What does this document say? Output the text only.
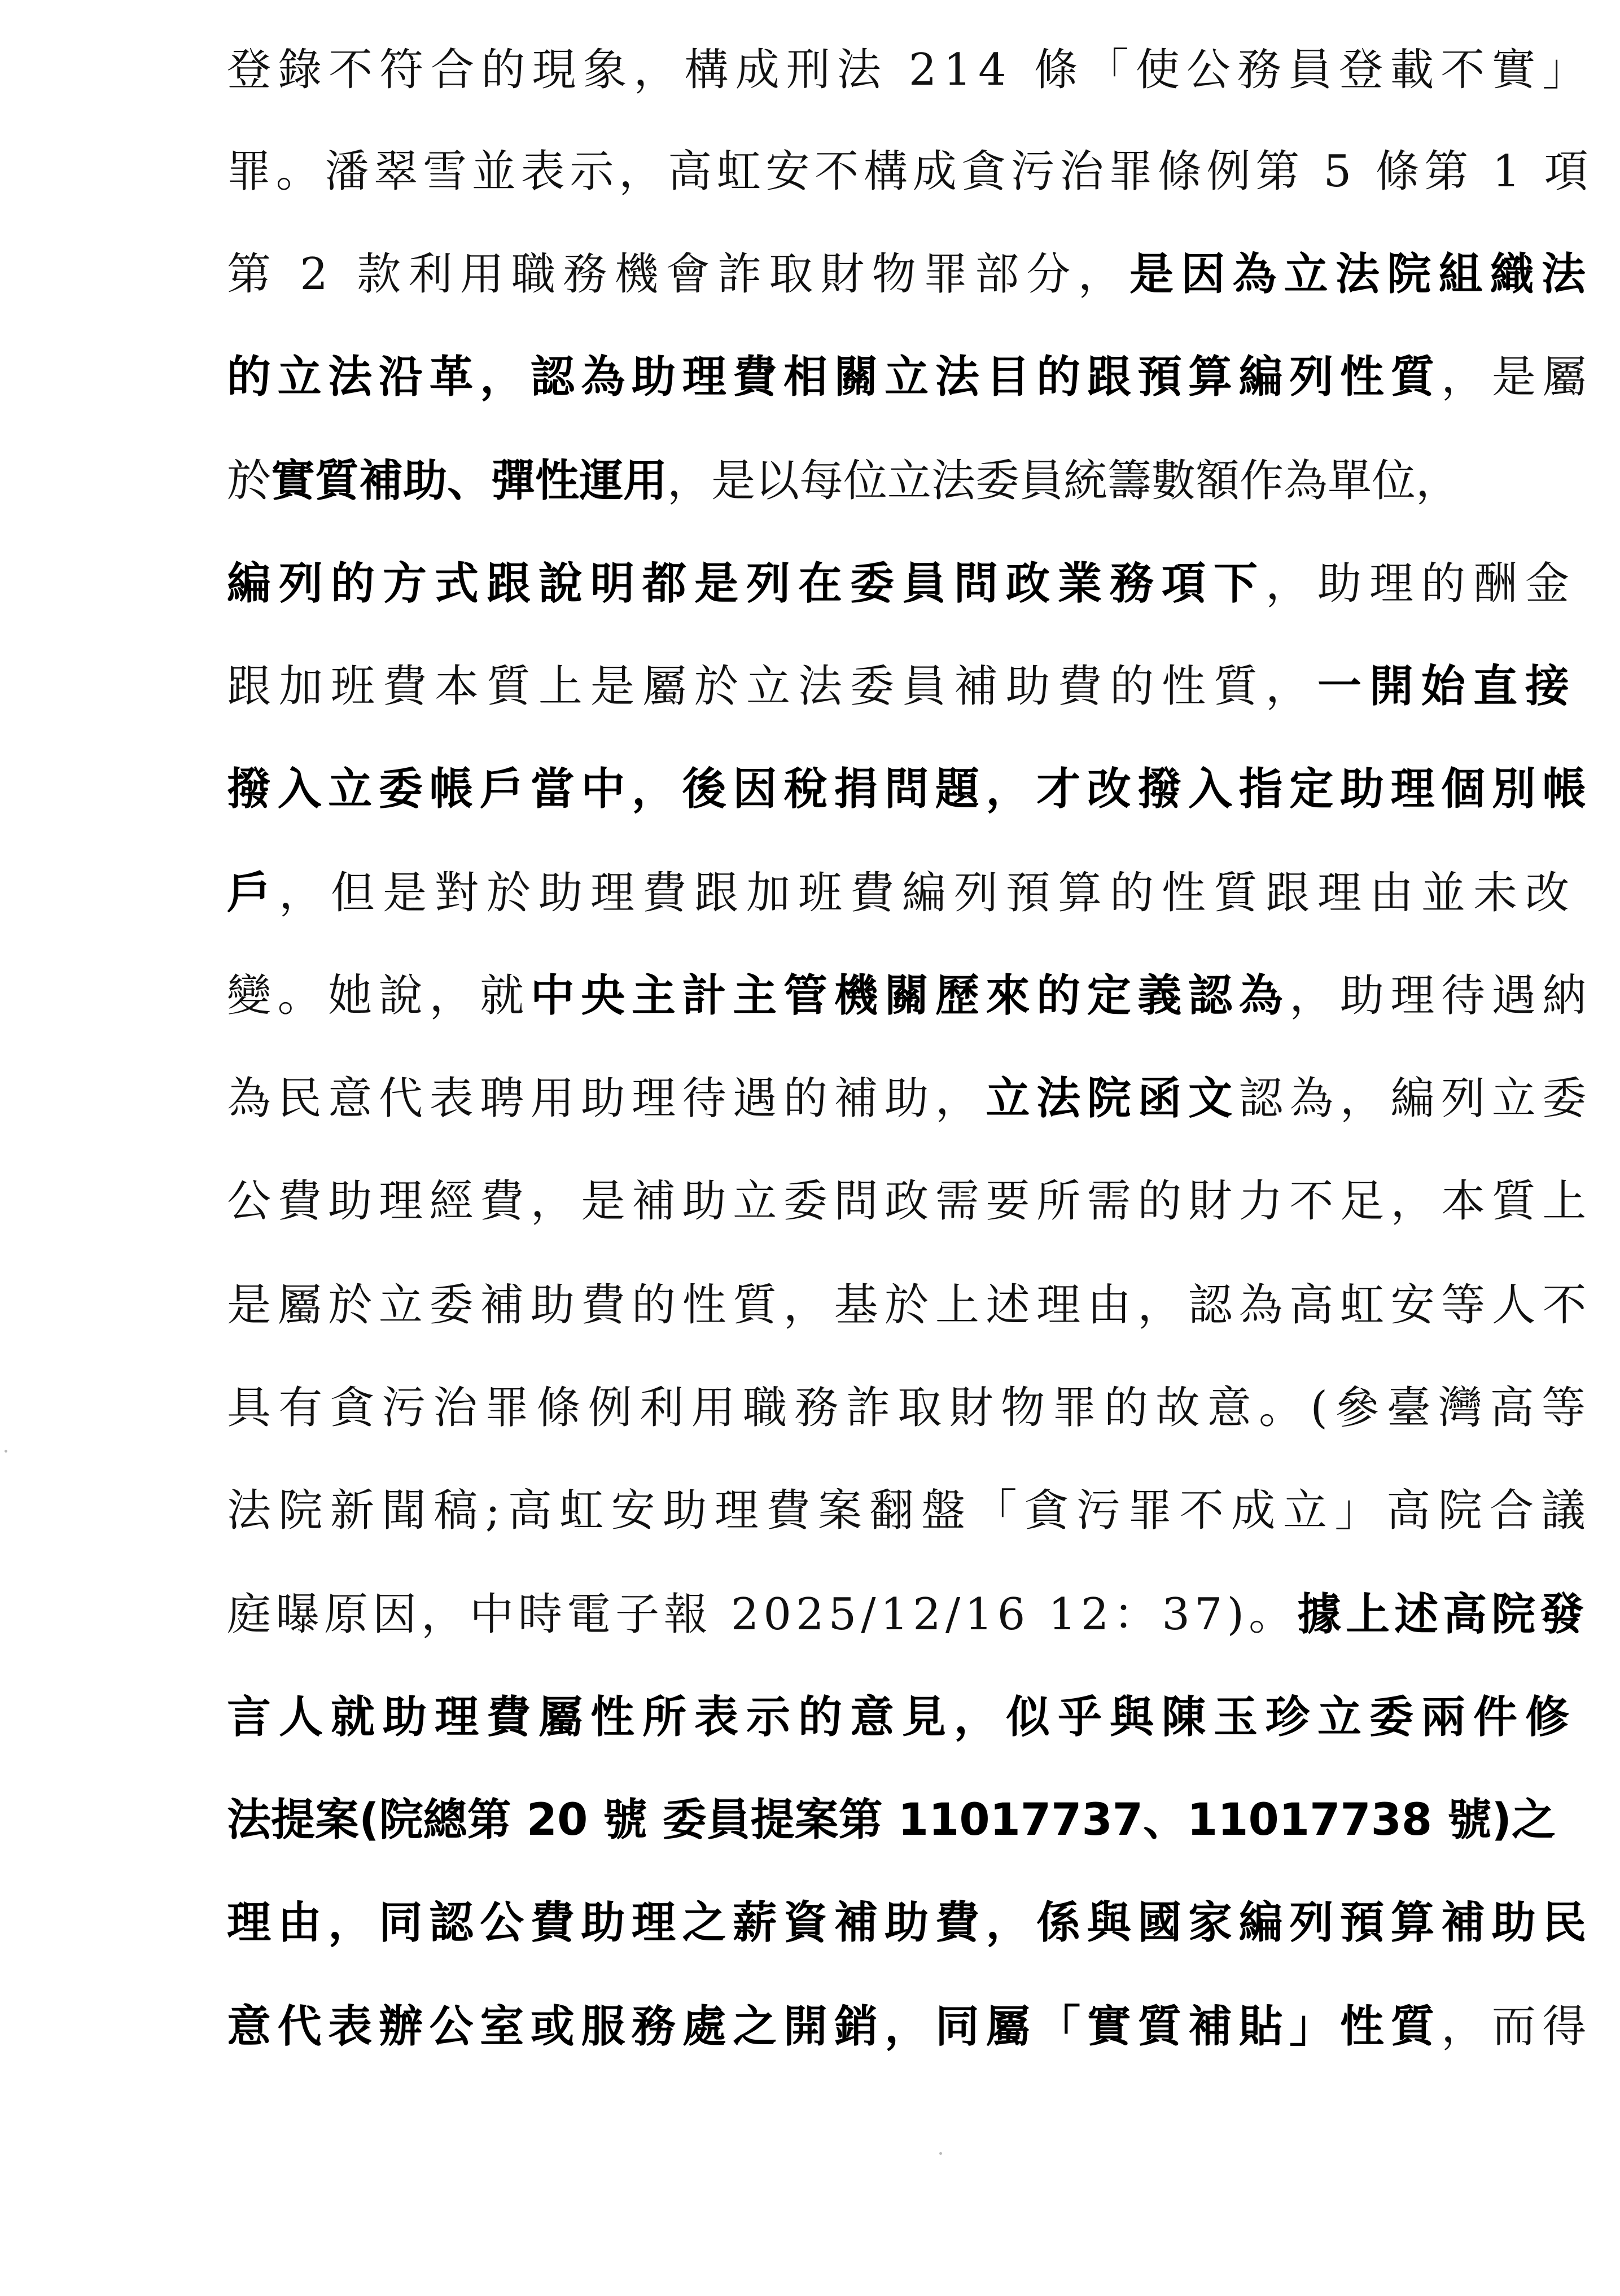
登錄不符合的現象，構成刑法 214 條「使公務員登載不實」
罪。潘翠雪並表示，高虹安不構成貪污治罪條例第 5 條第 1 項
第 2 款利用職務機會詐取財物罪部分，是因為立法院組織法
的立法沿革，認為助理費相關立法目的跟預算編列性質，是屬
於實質補助、彈性運用，是以每位立法委員統籌數額作為單位，
編列的方式跟說明都是列在委員問政業務項下，助理的酬金
跟加班費本質上是屬於立法委員補助費的性質，一開始直接
撥入立委帳戶當中，後因稅捐問題，才改撥入指定助理個別帳
戶，但是對於助理費跟加班費編列預算的性質跟理由並未改
變。她說，就中央主計主管機關歷來的定義認為，助理待遇納
為民意代表聘用助理待遇的補助，立法院函文認為，編列立委
公費助理經費，是補助立委問政需要所需的財力不足，本質上
是屬於立委補助費的性質，基於上述理由，認為高虹安等人不
具有貪污治罪條例利用職務詐取財物罪的故意。(參臺灣高等
法院新聞稿;高虹安助理費案翻盤「貪污罪不成立」高院合議
庭曝原因，中時電子報 2025/12/16 12：37)。據上述高院發
言人就助理費屬性所表示的意見，似乎與陳玉珍立委兩件修
法提案(院總第 20 號 委員提案第 11017737、11017738 號)之
理由，同認公費助理之薪資補助費，係與國家編列預算補助民
意代表辦公室或服務處之開銷，同屬「實質補貼」性質，而得
